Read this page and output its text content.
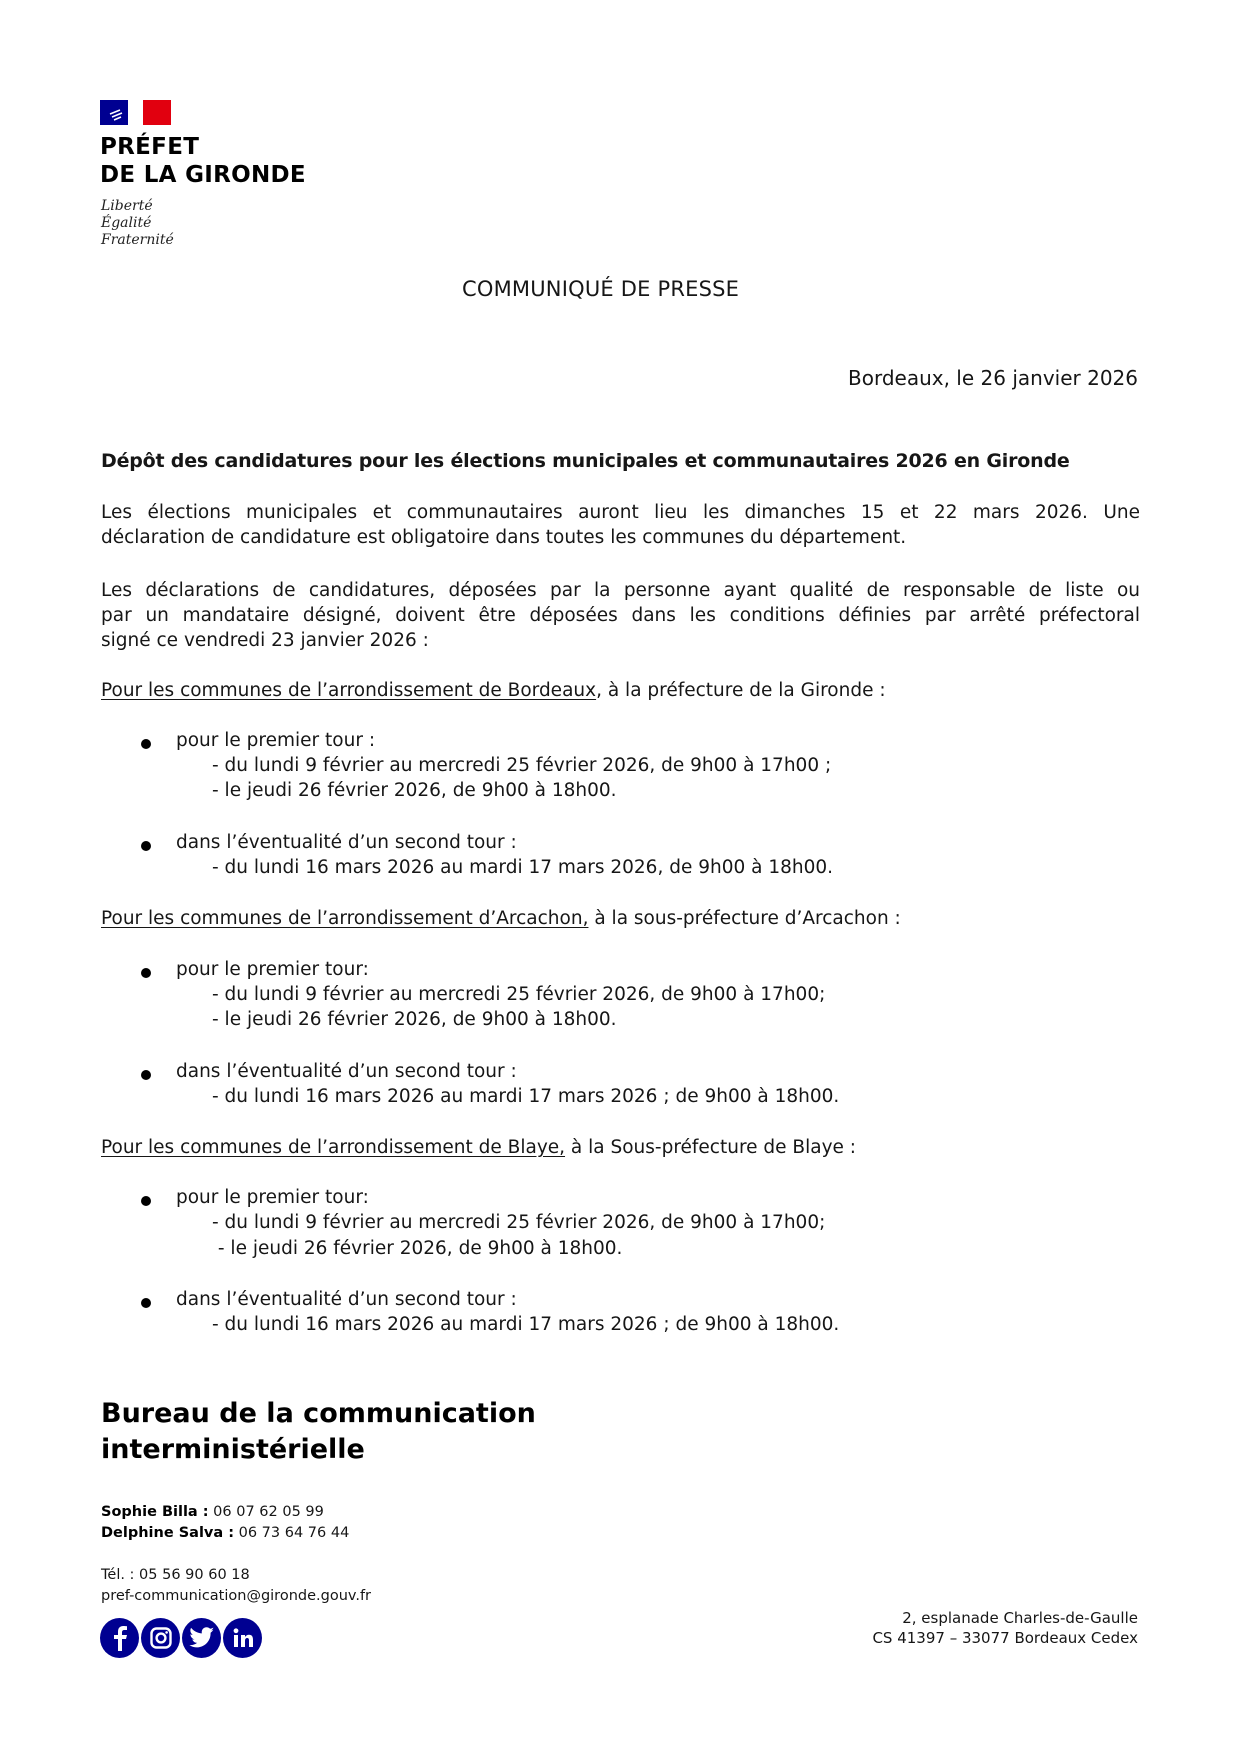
PRÉFET
DE LA GIRONDE
Liberté
Égalité
Fraternité
COMMUNIQUÉ DE PRESSE
Bordeaux, le 26 janvier 2026
Dépôt des candidatures pour les élections municipales et communautaires 2026 en Gironde
Les élections municipales et communautaires auront lieu les dimanches 15 et 22 mars 2026. Une
déclaration de candidature est obligatoire dans toutes les communes du département.
Les déclarations de candidatures, déposées par la personne ayant qualité de responsable de liste ou
par un mandataire désigné, doivent être déposées dans les conditions définies par arrêté préfectoral
signé ce vendredi 23 janvier 2026 :
Pour les communes de l’arrondissement de Bordeaux, à la préfecture de la Gironde :
pour le premier tour :
- du lundi 9 février au mercredi 25 février 2026, de 9h00 à 17h00 ;
- le jeudi 26 février 2026, de 9h00 à 18h00.
dans l’éventualité d’un second tour :
- du lundi 16 mars 2026 au mardi 17 mars 2026, de 9h00 à 18h00.
Pour les communes de l’arrondissement d’Arcachon, à la sous-préfecture d’Arcachon :
pour le premier tour:
- du lundi 9 février au mercredi 25 février 2026, de 9h00 à 17h00;
- le jeudi 26 février 2026, de 9h00 à 18h00.
dans l’éventualité d’un second tour :
- du lundi 16 mars 2026 au mardi 17 mars 2026 ; de 9h00 à 18h00.
Pour les communes de l’arrondissement de Blaye, à la Sous-préfecture de Blaye :
pour le premier tour:
- du lundi 9 février au mercredi 25 février 2026, de 9h00 à 17h00;
- le jeudi 26 février 2026, de 9h00 à 18h00.
dans l’éventualité d’un second tour :
- du lundi 16 mars 2026 au mardi 17 mars 2026 ; de 9h00 à 18h00.
Bureau de la communication
interministérielle
Sophie Billa : 06 07 62 05 99
Delphine Salva : 06 73 64 76 44
Tél. : 05 56 90 60 18
pref-communication@gironde.gouv.fr
2, esplanade Charles-de-Gaulle
CS 41397 – 33077 Bordeaux Cedex
